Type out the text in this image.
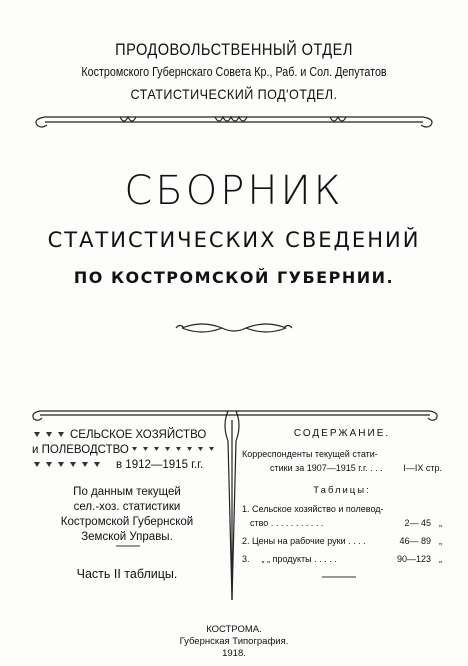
ПРОДОВОЛЬСТВЕННЫЙ ОТДЕЛ
Костромского Губернскаго Совета Кр., Раб. и Сол. Депутатов
СТАТИСТИЧЕСКИЙ ПОД'ОТДЕЛ.
СБОРНИК
СТАТИСТИЧЕСКИХ СВЕДЕНИЙ
ПО КОСТРОМСКОЙ ГУБЕРНИИ.
СЕЛЬСКОЕ ХОЗЯЙСТВО
и ПОЛЕВОДСТВО
в 1912—1915 г.г.
По данным текущей
сел.-хоз. статистики
Костромской Губернской
Земской Управы.
Часть II таблицы.
СОДЕРЖАНИЕ.
Корреспонденты текущей стати-
стики за 1907—1915 г.г. . . .	I—IX стр.
Таблицы:
1. Сельское хозяйство и полевод-
ство . . . . . . . . . . .	2— 45 „
2. Цены на рабочие руки . . . .	46— 89 „
3.	„ „ продукты . . . . .	90—123 „
КОСТРОМА.
Губернская Типография.
1918.
